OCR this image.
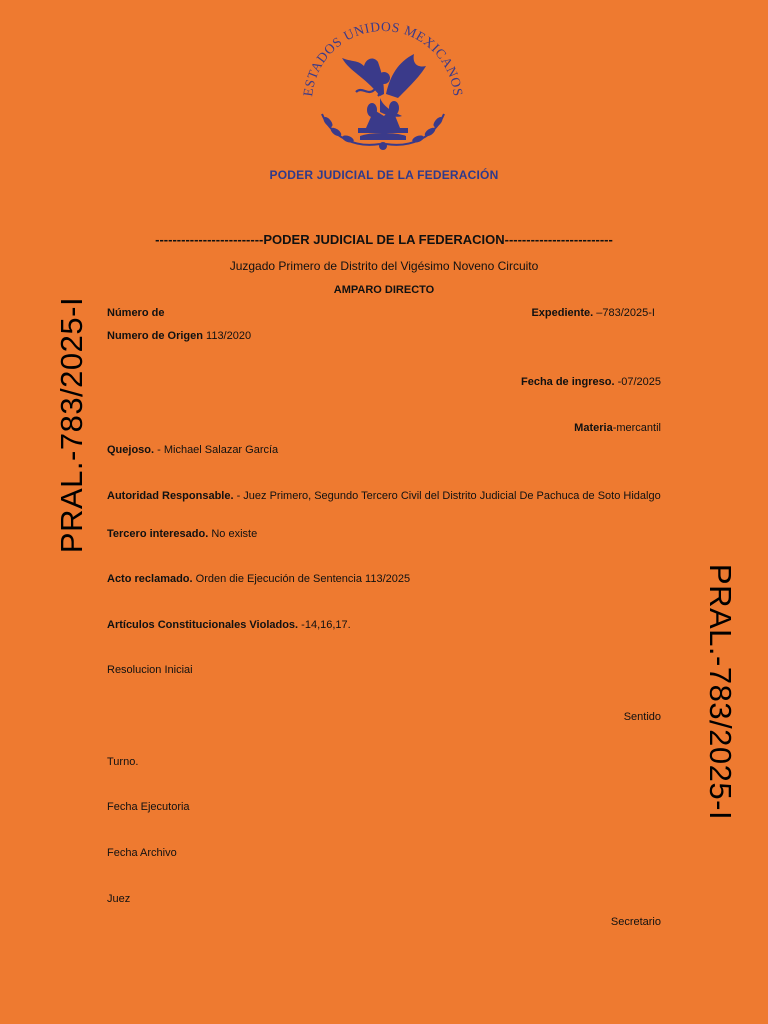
ESTADOS UNIDOS MEXICANOS
PODER JUDICIAL DE LA FEDERACIÓN
-------------------------PODER JUDICIAL DE LA FEDERACION-------------------------
Juzgado Primero de Distrito del Vigésimo Noveno Circuito
AMPARO DIRECTO
Número de	Expediente. –783/2025-I
Numero de Origen 113/2020
Fecha de ingreso. -07/2025
Materia-mercantil
Quejoso. - Michael Salazar García
Autoridad Responsable. - Juez Primero, Segundo Tercero Civil del Distrito Judicial De Pachuca de Soto Hidalgo
Tercero interesado. No existe
Acto reclamado. Orden die Ejecución de Sentencia 113/2025
Artículos Constitucionales Violados. -14,16,17.
Resolucion Iniciai
Sentido
Turno.
Fecha Ejecutoria
Fecha Archivo
Juez
Secretario
PRAL.-783/2025-I
PRAL.-783/2025-I
